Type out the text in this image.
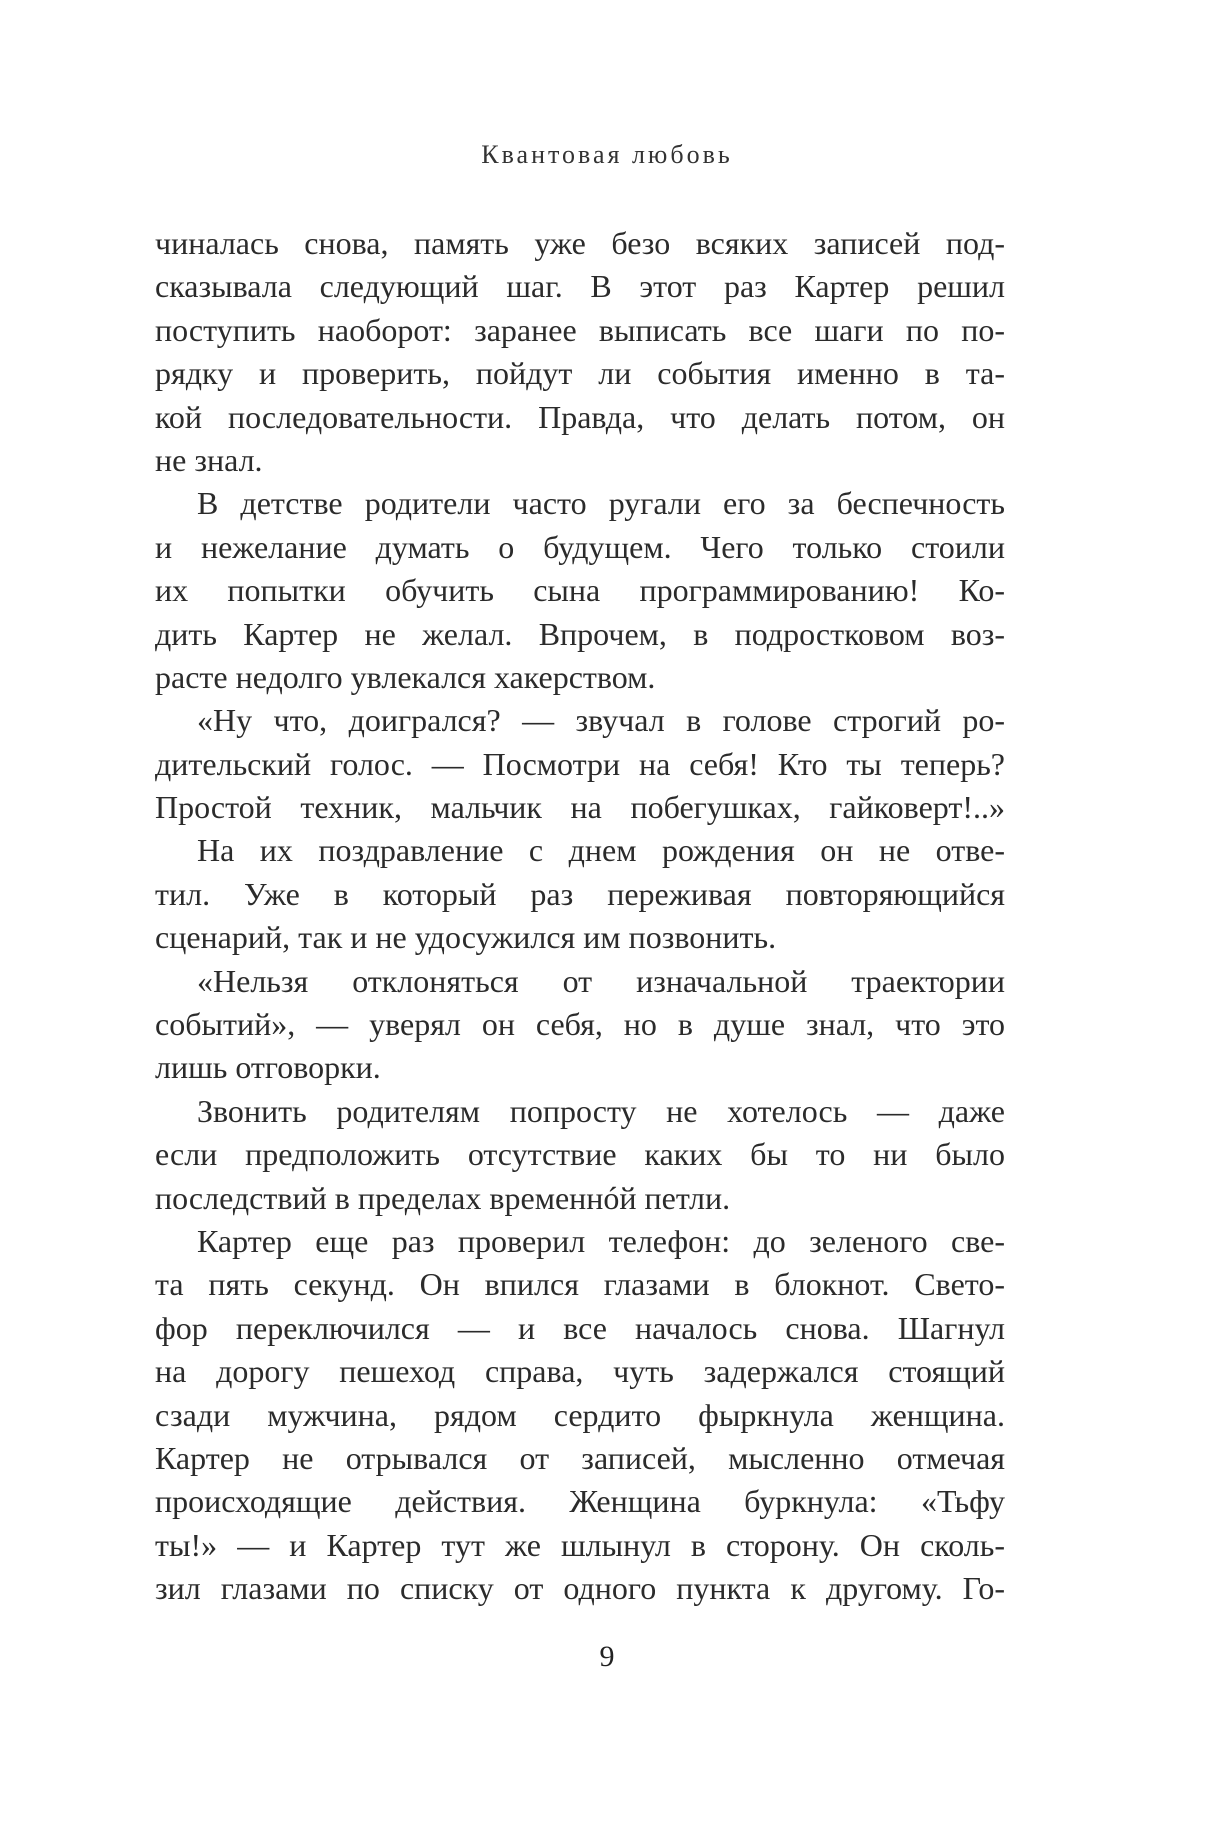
Квантовая любовь
чиналась снова, память уже безо всяких записей под-
сказывала следующий шаг. В этот раз Картер решил
поступить наоборот: заранее выписать все шаги по по-
рядку и проверить, пойдут ли события именно в та-
кой последовательности. Правда, что делать потом, он
не знал.
В детстве родители часто ругали его за беспечность
и нежелание думать о будущем. Чего только стоили
их попытки обучить сына программированию! Ко-
дить Картер не желал. Впрочем, в подростковом воз-
расте недолго увлекался хакерством.
«Ну что, доигрался? — звучал в голове строгий ро-
дительский голос. — Посмотри на себя! Кто ты теперь?
Простой техник, мальчик на побегушках, гайковерт!..»
На их поздравление с днем рождения он не отве-
тил. Уже в который раз переживая повторяющийся
сценарий, так и не удосужился им позвонить.
«Нельзя отклоняться от изначальной траектории
событий», — уверял он себя, но в душе знал, что это
лишь отговорки.
Звонить родителям попросту не хотелось — даже
если предположить отсутствие каких бы то ни было
последствий в пределах временнóй петли.
Картер еще раз проверил телефон: до зеленого све-
та пять секунд. Он впился глазами в блокнот. Свето-
фор переключился — и все началось снова. Шагнул
на дорогу пешеход справа, чуть задержался стоящий
сзади мужчина, рядом сердито фыркнула женщина.
Картер не отрывался от записей, мысленно отмечая
происходящие действия. Женщина буркнула: «Тьфу
ты!» — и Картер тут же шлынул в сторону. Он сколь-
зил глазами по списку от одного пункта к другому. Го-
9
